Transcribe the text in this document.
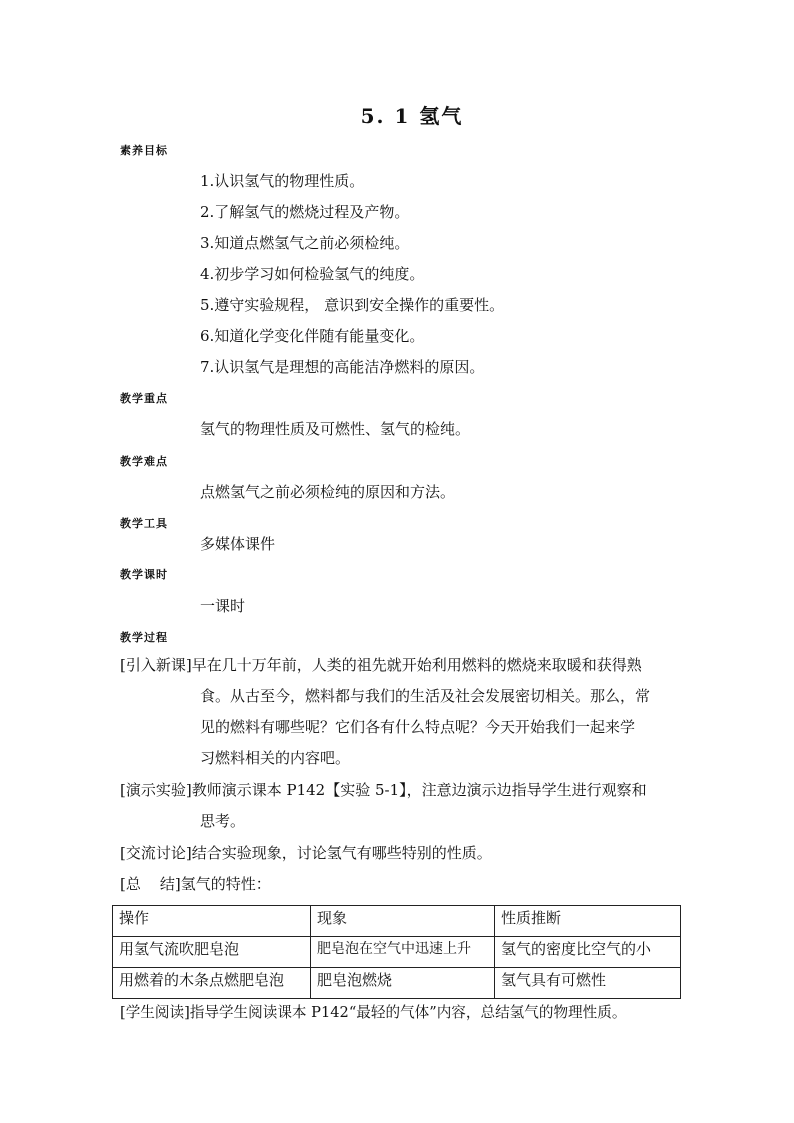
5. 1 氢气
素养目标
1.认识氢气的物理性质。
2.了解氢气的燃烧过程及产物。
3.知道点燃氢气之前必须检纯。
4.初步学习如何检验氢气的纯度。
5.遵守实验规程， 意识到安全操作的重要性。
6.知道化学变化伴随有能量变化。
7.认识氢气是理想的高能洁净燃料的原因。
教学重点
氢气的物理性质及可燃性、氢气的检纯。
教学难点
点燃氢气之前必须检纯的原因和方法。
教学工具
多媒体课件
教学课时
一课时
教学过程
[引入新课]早在几十万年前，人类的祖先就开始利用燃料的燃烧来取暖和获得熟
食。从古至今，燃料都与我们的生活及社会发展密切相关。那么，常
见的燃料有哪些呢？它们各有什么特点呢？今天开始我们一起来学
习燃料相关的内容吧。
[演示实验]教师演示课本 P142【实验 5-1】，注意边演示边指导学生进行观察和
思考。
[交流讨论]结合实验现象，讨论氢气有哪些特别的性质。
[总    结]氢气的特性：
操作	现象	性质推断
用氢气流吹肥皂泡	肥皂泡在空气中迅速上升	氢气的密度比空气的小
用燃着的木条点燃肥皂泡	肥皂泡燃烧	氢气具有可燃性
[学生阅读]指导学生阅读课本 P142“最轻的气体”内容，总结氢气的物理性质。
